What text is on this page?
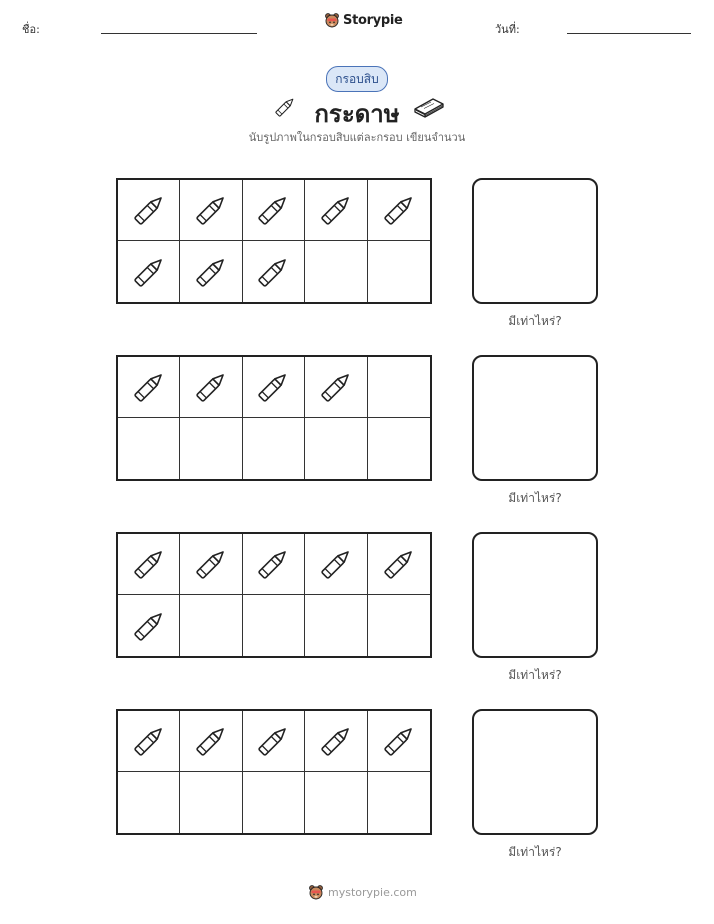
ชื่อ:
Storypie
วันที่:
กรอบสิบ
กระดาษ
นับรูปภาพในกรอบสิบแต่ละกรอบ เขียนจำนวน
มีเท่าไหร่?
มีเท่าไหร่?
มีเท่าไหร่?
มีเท่าไหร่?
mystorypie.com
